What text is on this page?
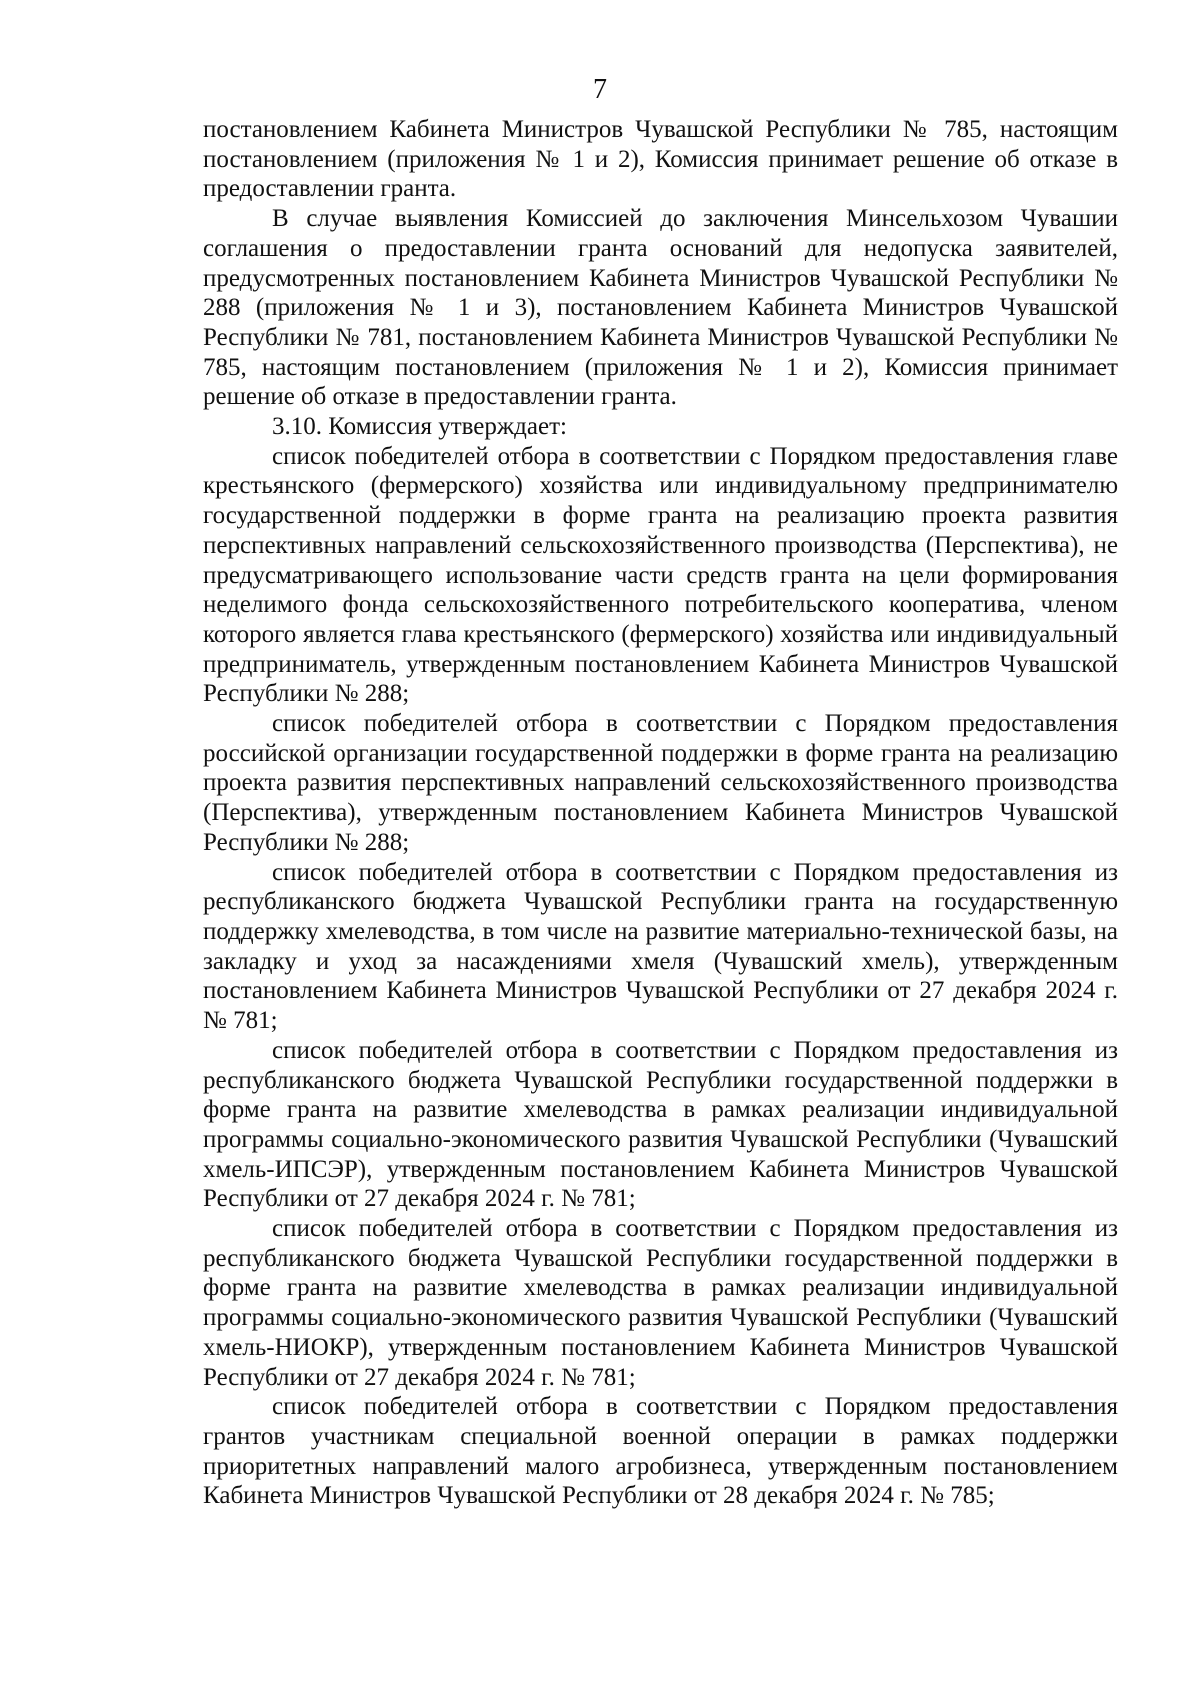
7

постановлением Кабинета Министров Чувашской Республики № 785, настоящим постановлением (приложения № 1 и 2), Комиссия принимает решение об отказе в предоставлении гранта.

В случае выявления Комиссией до заключения Минсельхозом Чувашии соглашения о предоставлении гранта оснований для недопуска заявителей, предусмотренных постановлением Кабинета Министров Чувашской Республики № 288 (приложения № 1 и 3), постановлением Кабинета Министров Чувашской Республики № 781, постановлением Кабинета Министров Чувашской Республики № 785, настоящим постановлением (приложения № 1 и 2), Комиссия принимает решение об отказе в предоставлении гранта.

3.10. Комиссия утверждает:

список победителей отбора в соответствии с Порядком предоставления главе крестьянского (фермерского) хозяйства или индивидуальному предпринимателю государственной поддержки в форме гранта на реализацию проекта развития перспективных направлений сельскохозяйственного производства (Перспектива), не предусматривающего использование части средств гранта на цели формирования неделимого фонда сельскохозяйственного потребительского кооператива, членом которого является глава крестьянского (фермерского) хозяйства или индивидуальный предприниматель, утвержденным постановлением Кабинета Министров Чувашской Республики № 288;

список победителей отбора в соответствии с Порядком предоставления российской организации государственной поддержки в форме гранта на реализацию проекта развития перспективных направлений сельскохозяйственного производства (Перспектива), утвержденным постановлением Кабинета Министров Чувашской Республики № 288;

список победителей отбора в соответствии с Порядком предоставления из республиканского бюджета Чувашской Республики гранта на государственную поддержку хмелеводства, в том числе на развитие материально-технической базы, на закладку и уход за насаждениями хмеля (Чувашский хмель), утвержденным постановлением Кабинета Министров Чувашской Республики от 27 декабря 2024 г. № 781;

список победителей отбора в соответствии с Порядком предоставления из республиканского бюджета Чувашской Республики государственной поддержки в форме гранта на развитие хмелеводства в рамках реализации индивидуальной программы социально-экономического развития Чувашской Республики (Чувашский хмель-ИПСЭР), утвержденным постановлением Кабинета Министров Чувашской Республики от 27 декабря 2024 г. № 781;

список победителей отбора в соответствии с Порядком предоставления из республиканского бюджета Чувашской Республики государственной поддержки в форме гранта на развитие хмелеводства в рамках реализации индивидуальной программы социально-экономического развития Чувашской Республики (Чувашский хмель-НИОКР), утвержденным постановлением Кабинета Министров Чувашской Республики от 27 декабря 2024 г. № 781;

список победителей отбора в соответствии с Порядком предоставления грантов участникам специальной военной операции в рамках поддержки приоритетных направлений малого агробизнеса, утвержденным постановлением Кабинета Министров Чувашской Республики от 28 декабря 2024 г. № 785;
